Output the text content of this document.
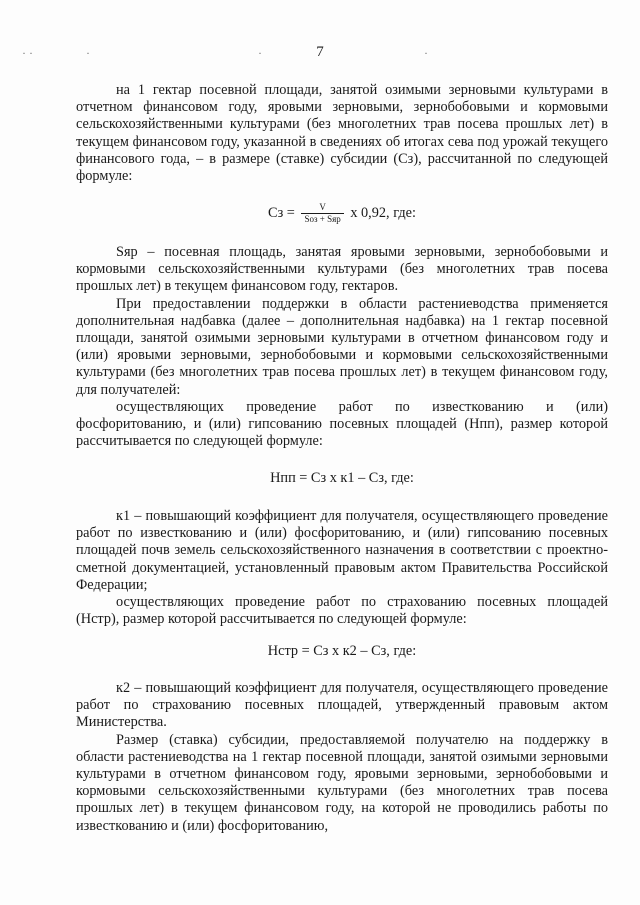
7
· ·	·	·	·

на 1 гектар посевной площади, занятой озимыми зерновыми культурами в отчетном финансовом году, яровыми зерновыми, зернобобовыми и кормовыми сельскохозяйственными культурами (без многолетних трав посева прошлых лет) в текущем финансовом году, указанной в сведениях об итогах сева под урожай текущего финансового года, – в размере (ставке) субсидии (Сз), рассчитанной по следующей формуле:

Сз = $\frac{V}{\text{Sоз + Sяр}}$ х 0,92, где:

Sяр – посевная площадь, занятая яровыми зерновыми, зернобобовыми и кормовыми сельскохозяйственными культурами (без многолетних трав посева прошлых лет) в текущем финансовом году, гектаров.

При предоставлении поддержки в области растениеводства применяется дополнительная надбавка (далее – дополнительная надбавка) на 1 гектар посевной площади, занятой озимыми зерновыми культурами в отчетном финансовом году и (или) яровыми зерновыми, зернобобовыми и кормовыми сельскохозяйственными культурами (без многолетних трав посева прошлых лет) в текущем финансовом году, для получателей:

осуществляющих проведение работ по известкованию и (или) фосфоритованию, и (или) гипсованию посевных площадей (Нпп), размер которой рассчитывается по следующей формуле:

Нпп = Сз х к1 – Сз, где:

к1 – повышающий коэффициент для получателя, осуществляющего проведение работ по известкованию и (или) фосфоритованию, и (или) гипсованию посевных площадей почв земель сельскохозяйственного назначения в соответствии с проектно-сметной документацией, установленный правовым актом Правительства Российской Федерации;

осуществляющих проведение работ по страхованию посевных площадей (Нстр), размер которой рассчитывается по следующей формуле:

Нстр = Сз х к2 – Сз, где:

к2 – повышающий коэффициент для получателя, осуществляющего проведение работ по страхованию посевных площадей, утвержденный правовым актом Министерства.

Размер (ставка) субсидии, предоставляемой получателю на поддержку в области растениеводства на 1 гектар посевной площади, занятой озимыми зерновыми культурами в отчетном финансовом году, яровыми зерновыми, зернобобовыми и кормовыми сельскохозяйственными культурами (без многолетних трав посева прошлых лет) в текущем финансовом году, на которой не проводились работы по известкованию и (или) фосфоритованию,
